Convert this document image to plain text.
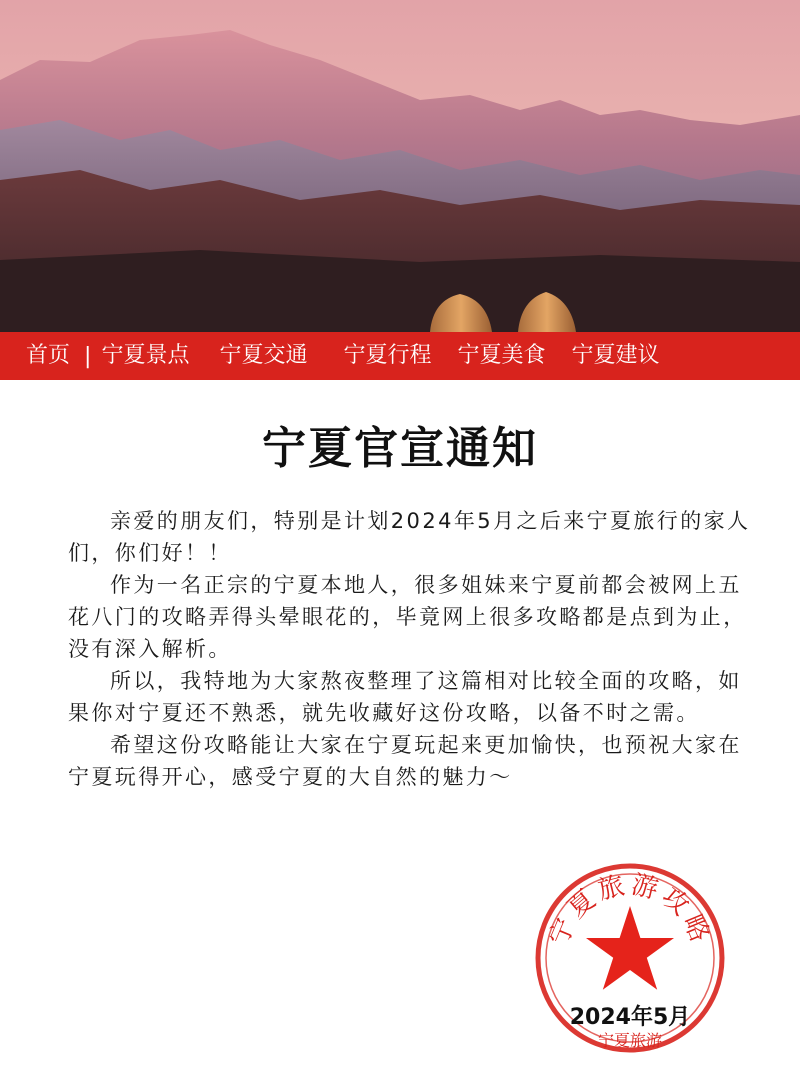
首页 | 宁夏景点 宁夏交通 宁夏行程 宁夏美食 宁夏建议
宁夏官宣通知

亲爱的朋友们，特别是计划2024年5月之后来宁夏旅行的家人们，你们好！！

作为一名正宗的宁夏本地人，很多姐妹来宁夏前都会被网上五花八门的攻略弄得头晕眼花的，毕竟网上很多攻略都是点到为止，没有深入解析。

所以，我特地为大家熬夜整理了这篇相对比较全面的攻略，如果你对宁夏还不熟悉，就先收藏好这份攻略，以备不时之需。

希望这份攻略能让大家在宁夏玩起来更加愉快，也预祝大家在宁夏玩得开心，感受宁夏的大自然的魅力～

宁夏旅游攻略
2024年5月
宁夏旅游
